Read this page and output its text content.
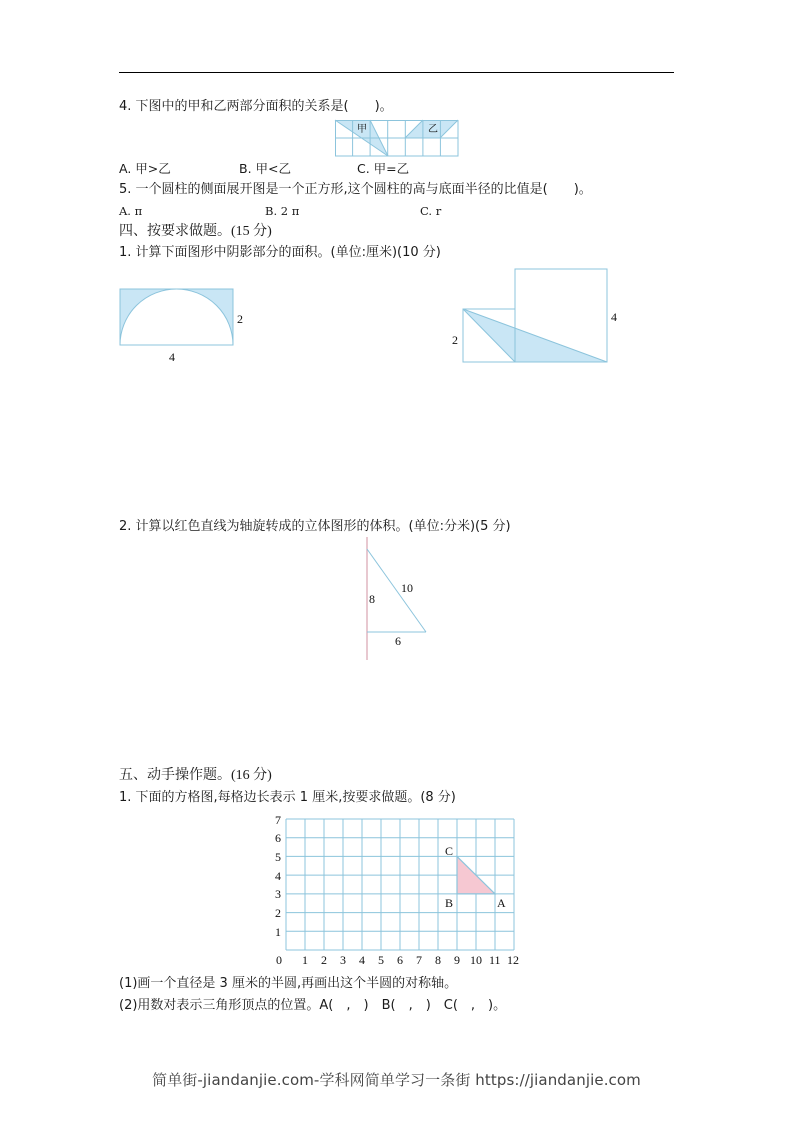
4. 下图中的甲和乙两部分面积的关系是(　　)。
甲	乙
A. 甲>乙	B. 甲<乙	C. 甲=乙
5. 一个圆柱的侧面展开图是一个正方形,这个圆柱的高与底面半径的比值是(　　)。
A. π	B. 2 π	C. r
四、按要求做题。(15 分)
1. 计算下面图形中阴影部分的面积。(单位:厘米)(10 分)
2
4
2
4
2. 计算以红色直线为轴旋转成的立体图形的体积。(单位:分米)(5 分)
8
10
6
五、动手操作题。(16 分)
1. 下面的方格图,每格边长表示 1 厘米,按要求做题。(8 分)
7
6
5
4
3
2
1
0 1 2 3 4 5 6 7 8 9 10 11 12
C
B	A
(1)画一个直径是 3 厘米的半圆,再画出这个半圆的对称轴。
(2)用数对表示三角形顶点的位置。A(　,　)　B(　,　)　C(　,　)。
简单街-jiandanjie.com-学科网简单学习一条街 https://jiandanjie.com
